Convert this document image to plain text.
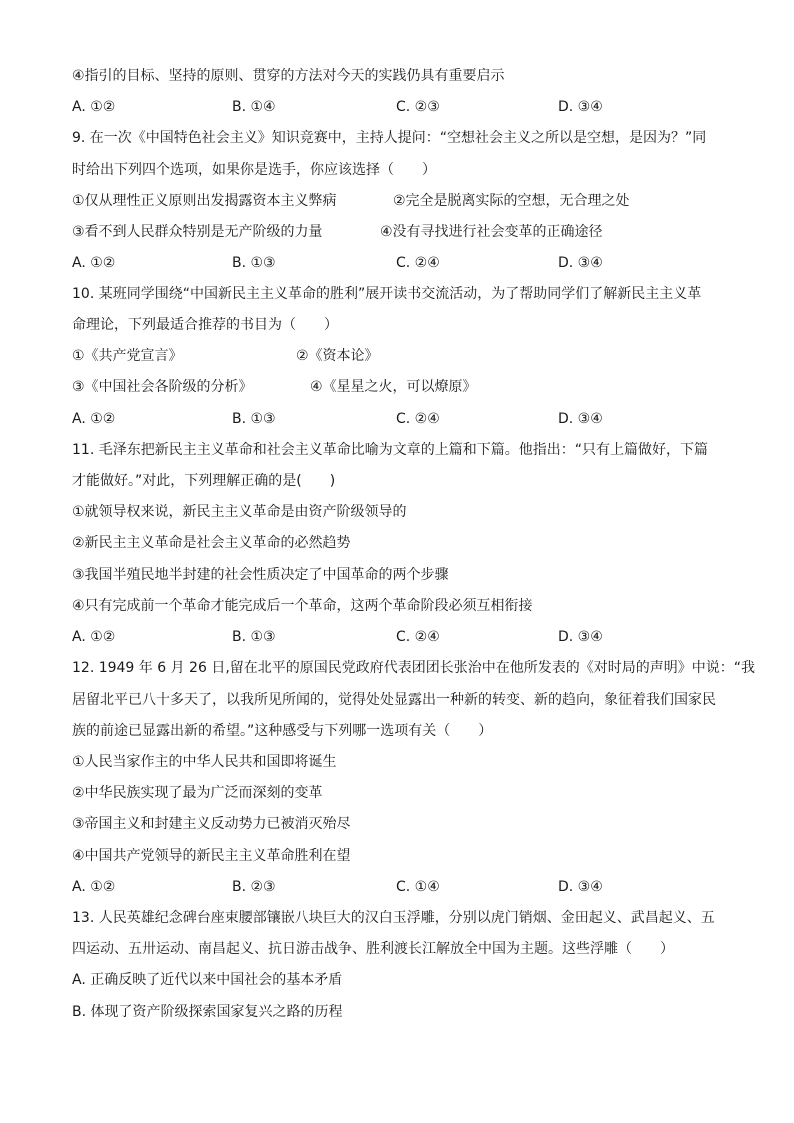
④指引的目标、坚持的原则、贯穿的方法对今天的实践仍具有重要启示
A. ①②	B. ①④	C. ②③	D. ③④
9. 在一次《中国特色社会主义》知识竞赛中，主持人提问：“空想社会主义之所以是空想，是因为？”同
时给出下列四个选项，如果你是选手，你应该选择（　　）
①仅从理性正义原则出发揭露资本主义弊病	②完全是脱离实际的空想，无合理之处
③看不到人民群众特别是无产阶级的力量	④没有寻找进行社会变革的正确途径
A. ①②	B. ①③	C. ②④	D. ③④
10. 某班同学围绕“中国新民主主义革命的胜利”展开读书交流活动，为了帮助同学们了解新民主主义革
命理论，下列最适合推荐的书目为（　　）
①《共产党宣言》	②《资本论》
③《中国社会各阶级的分析》	④《星星之火，可以燎原》
A. ①②	B. ①③	C. ②④	D. ③④
11. 毛泽东把新民主主义革命和社会主义革命比喻为文章的上篇和下篇。他指出：“只有上篇做好，下篇
才能做好。”对此，下列理解正确的是(　　)
①就领导权来说，新民主主义革命是由资产阶级领导的
②新民主主义革命是社会主义革命的必然趋势
③我国半殖民地半封建的社会性质决定了中国革命的两个步骤
④只有完成前一个革命才能完成后一个革命，这两个革命阶段必须互相衔接
A. ①②	B. ①③	C. ②④	D. ③④
12. 1949 年 6 月 26 日,留在北平的原国民党政府代表团团长张治中在他所发表的《对时局的声明》中说：“我
居留北平已八十多天了，以我所见所闻的，觉得处处显露出一种新的转变、新的趋向，象征着我们国家民
族的前途已显露出新的希望。”这种感受与下列哪一选项有关（　　）
①人民当家作主的中华人民共和国即将诞生
②中华民族实现了最为广泛而深刻的变革
③帝国主义和封建主义反动势力已被消灭殆尽
④中国共产党领导的新民主主义革命胜利在望
A. ①②	B. ②③	C. ①④	D. ③④
13. 人民英雄纪念碑台座束腰部镶嵌八块巨大的汉白玉浮雕，分别以虎门销烟、金田起义、武昌起义、五
四运动、五卅运动、南昌起义、抗日游击战争、胜利渡长江解放全中国为主题。这些浮雕（　　）
A. 正确反映了近代以来中国社会的基本矛盾
B. 体现了资产阶级探索国家复兴之路的历程
